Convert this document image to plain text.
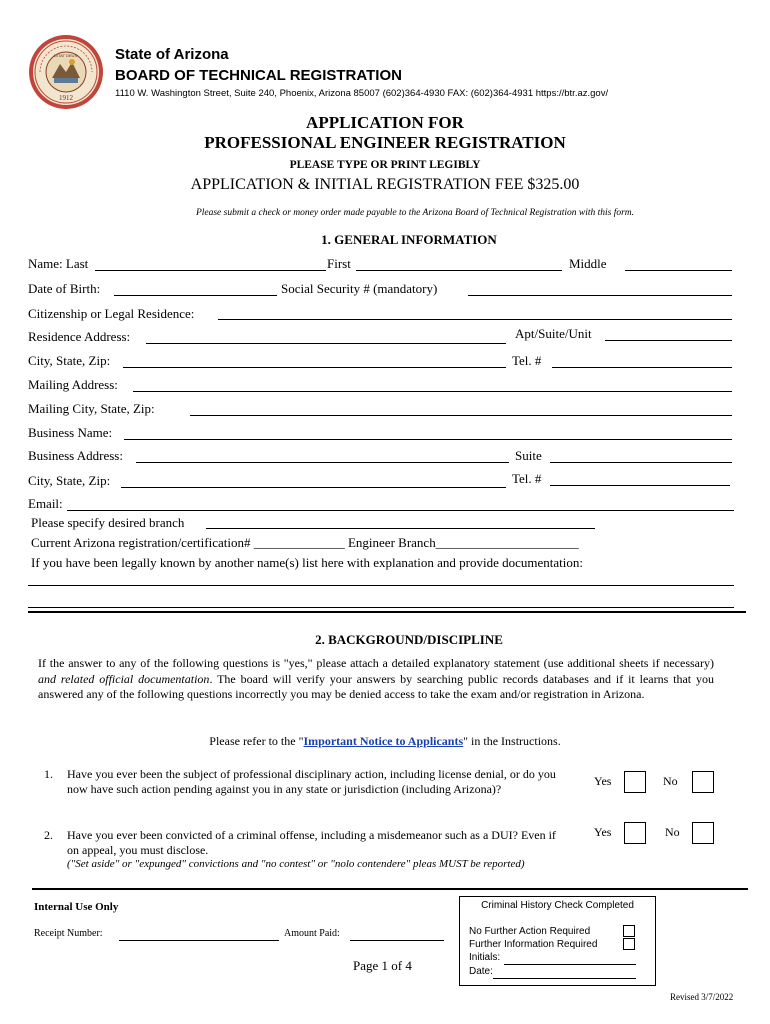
DITAT DEUS
1912
State of Arizona
BOARD OF TECHNICAL REGISTRATION
1110 W. Washington Street, Suite 240, Phoenix, Arizona 85007 (602)364-4930 FAX: (602)364-4931 https://btr.az.gov/
APPLICATION FOR
PROFESSIONAL ENGINEER REGISTRATION
PLEASE TYPE OR PRINT LEGIBLY
APPLICATION & INITIAL REGISTRATION FEE $325.00
Please submit a check or money order made payable to the Arizona Board of Technical Registration with this form.
1. GENERAL INFORMATION
Name: Last	First	Middle
Date of Birth:	Social Security # (mandatory)
Citizenship or Legal Residence:
Residence Address:	Apt/Suite/Unit
City, State, Zip:	Tel. #
Mailing Address:
Mailing City, State, Zip:
Business Name:
Business Address:	Suite
City, State, Zip:	Tel. #
Email:
Please specify desired branch
Current Arizona registration/certification# ______________ Engineer Branch______________________
If you have been legally known by another name(s) list here with explanation and provide documentation:
2. BACKGROUND/DISCIPLINE
If the answer to any of the following questions is "yes," please attach a detailed explanatory statement (use additional sheets if necessary) and related official documentation. The board will verify your answers by searching public records databases and if it learns that you answered any of the following questions incorrectly you may be denied access to take the exam and/or registration in Arizona.
Please refer to the "Important Notice to Applicants" in the Instructions.
1. Have you ever been the subject of professional disciplinary action, including license denial, or do you now have such action pending against you in any state or jurisdiction (including Arizona)?
Yes	No
2. Have you ever been convicted of a criminal offense, including a misdemeanor such as a DUI? Even if on appeal, you must disclose.
("Set aside" or "expunged" convictions and "no contest" or "nolo contendere" pleas MUST be reported)
Yes	No
Internal Use Only
Receipt Number:	Amount Paid:
Page 1 of 4
Criminal History Check Completed
No Further Action Required
Further Information Required
Initials:
Date:
Revised 3/7/2022
